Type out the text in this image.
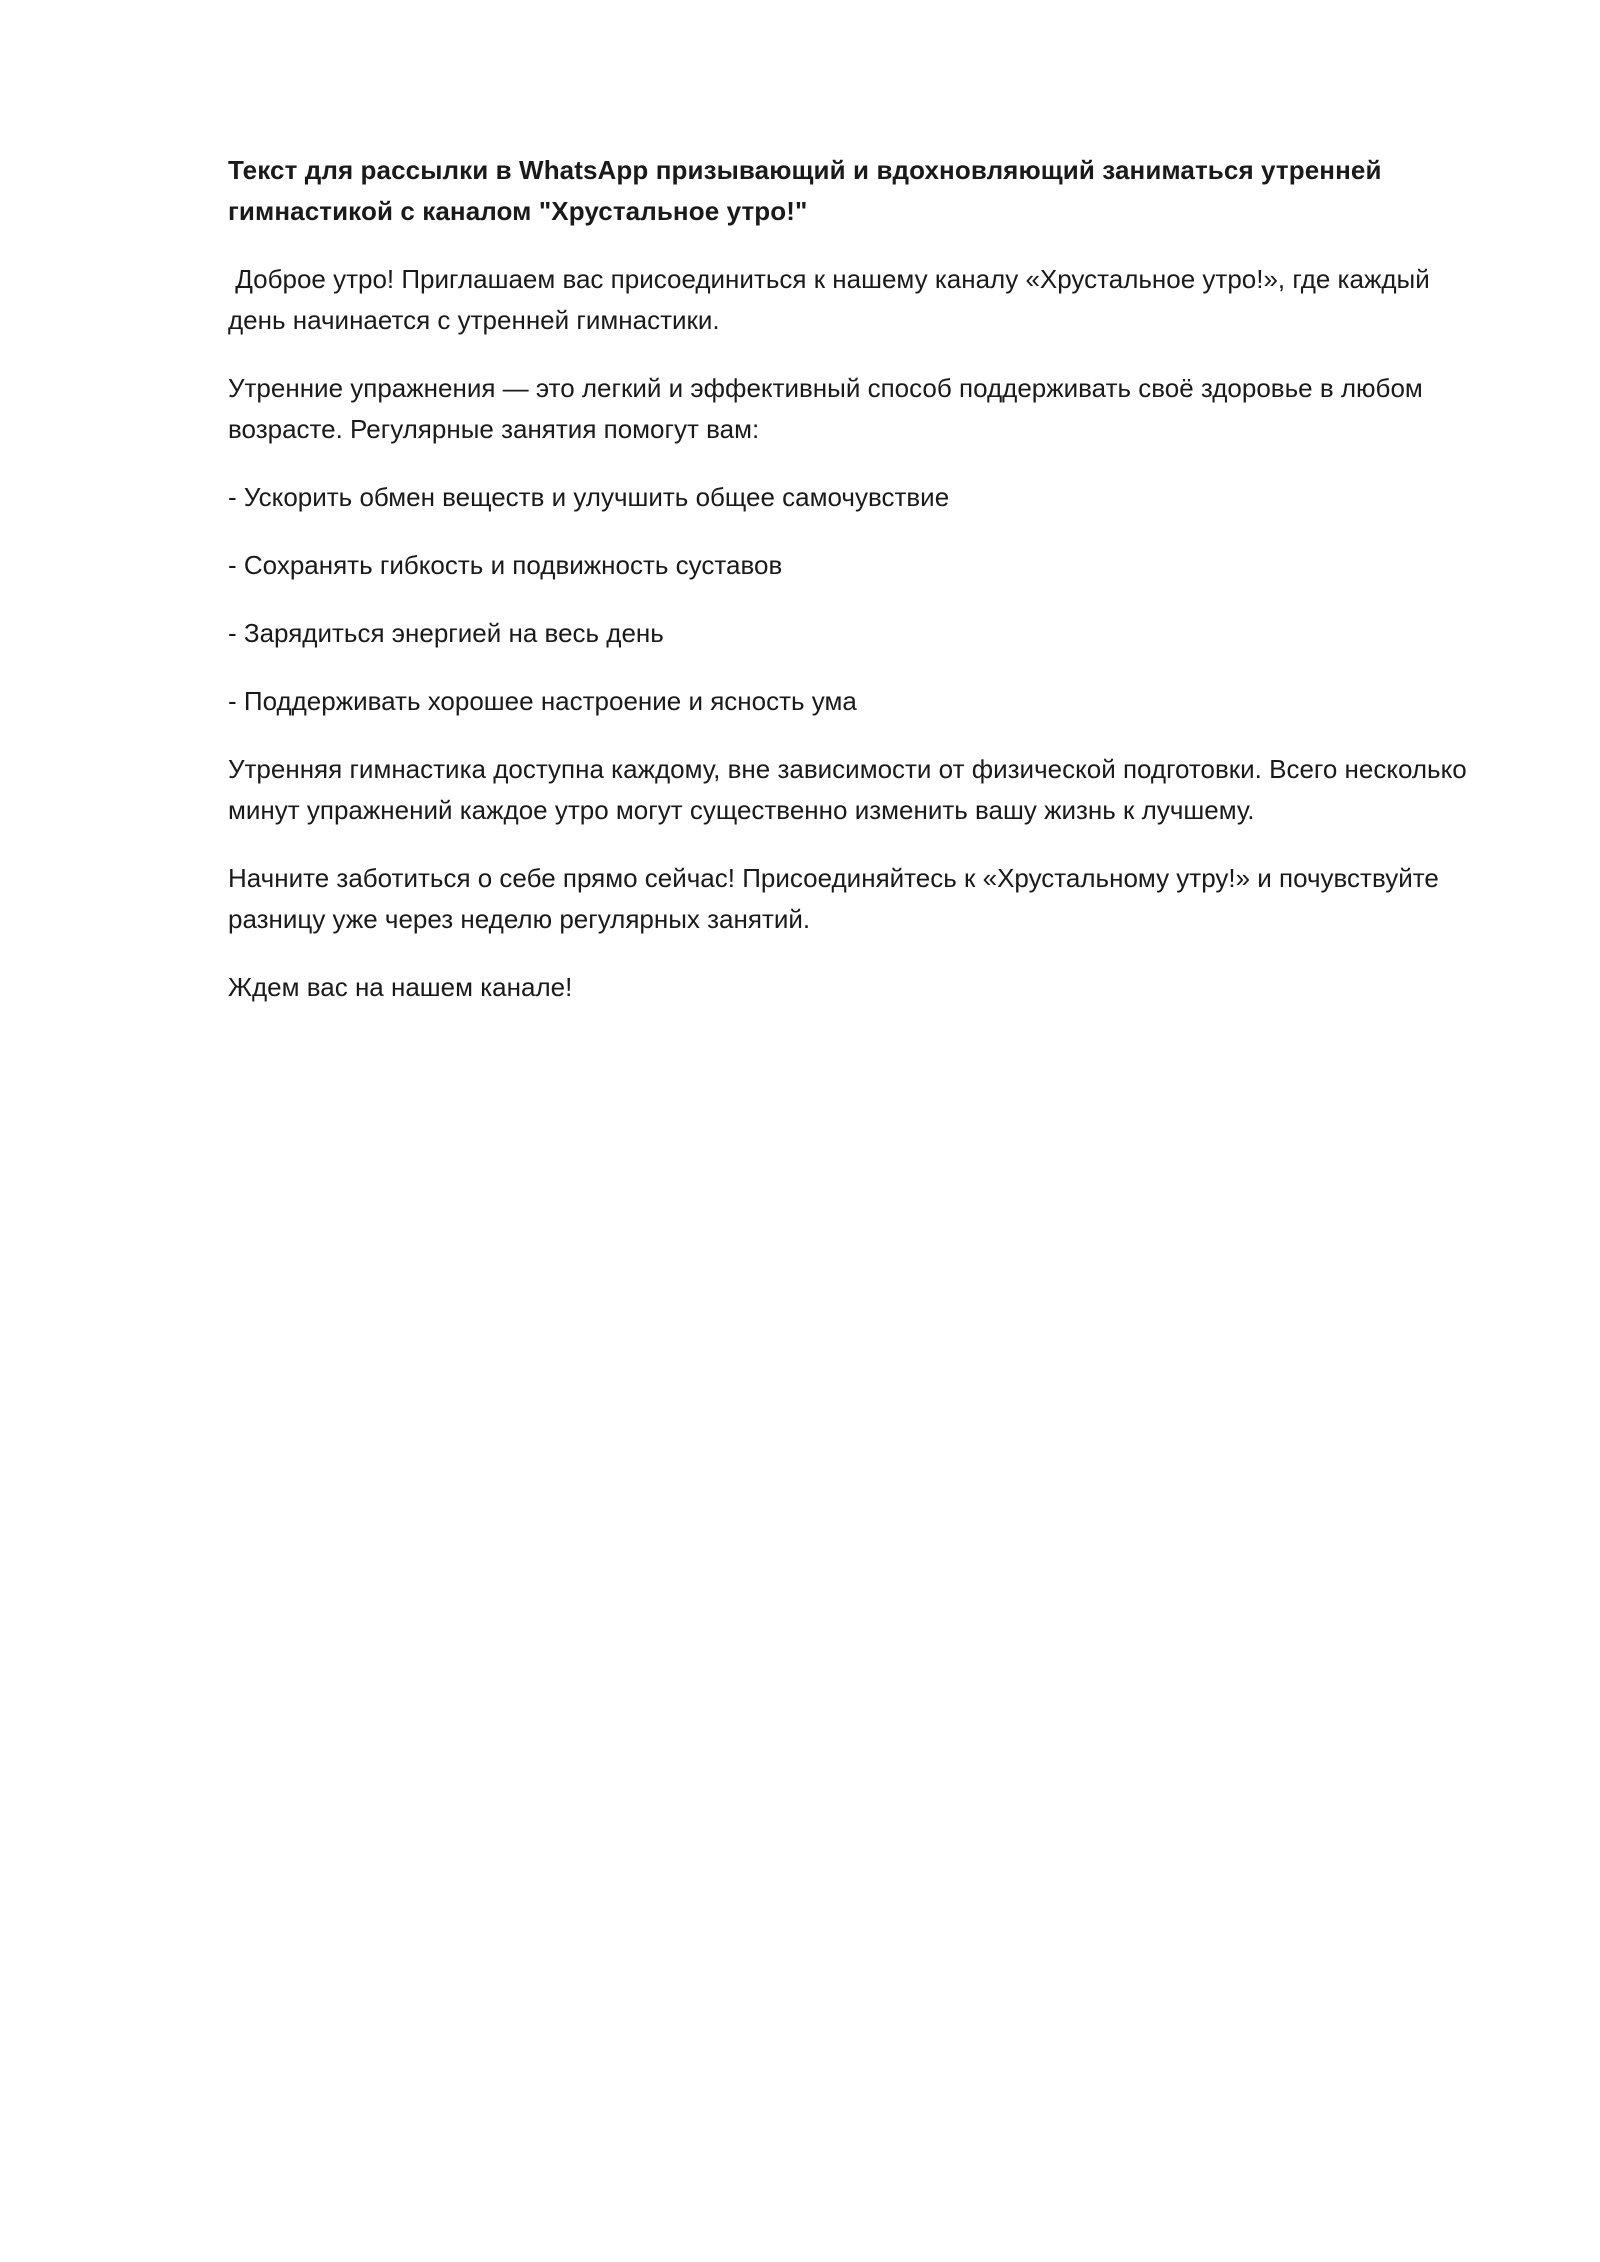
Текст для рассылки в WhatsApp призывающий и вдохновляющий заниматься утренней гимнастикой с каналом "Хрустальное утро!"

Доброе утро! Приглашаем вас присоединиться к нашему каналу «Хрустальное утро!», где каждый день начинается с утренней гимнастики.

Утренние упражнения — это легкий и эффективный способ поддерживать своё здоровье в любом возрасте. Регулярные занятия помогут вам:

- Ускорить обмен веществ и улучшить общее самочувствие

- Сохранять гибкость и подвижность суставов

- Зарядиться энергией на весь день

- Поддерживать хорошее настроение и ясность ума

Утренняя гимнастика доступна каждому, вне зависимости от физической подготовки. Всего несколько минут упражнений каждое утро могут существенно изменить вашу жизнь к лучшему.

Начните заботиться о себе прямо сейчас! Присоединяйтесь к «Хрустальному утру!» и почувствуйте разницу уже через неделю регулярных занятий.

Ждем вас на нашем канале!
